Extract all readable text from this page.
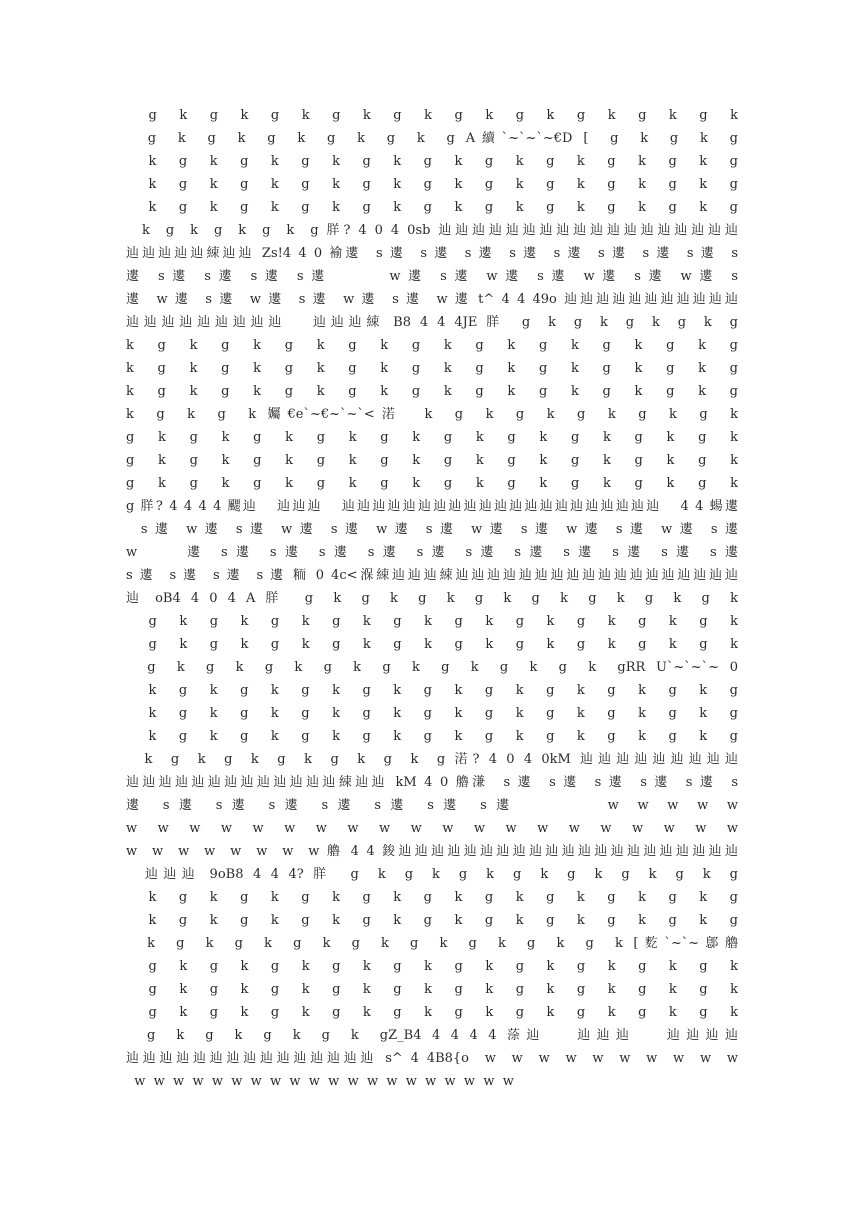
g  k  g  k  g  k  g  k  g  k  g  k  g  k  g  k  g  k  g  k
g  k  g  k  g  k  g  k  g  k  g A續`~`~`~€D [  g  k  g  k  g
k  g  k  g  k  g  k  g  k  g  k  g  k  g  k  g  k  g  k  g
k  g  k  g  k  g  k  g  k  g  k  g  k  g  k  g  k  g  k  g
k  g  k  g  k  g  k  g  k  g  k  g  k  g  k  g  k  g  k  g
k  g  k  g  k  g  k  g 羘? 4 0 4 0sb 辿辿辿辿辿辿辿辿辿辿辿辿辿辿辿辿辿辿
辿辿辿辿辿綀辿辿 Zs!4 4 0 褕遱  s 遱  s 遱  s 遱  s 遱  s 遱  s 遱  s 遱  s 遱  s
遱  s 遱  s 遱  s 遱  s 遱        w 遱  s 遱  w 遱  s 遱  w 遱  s 遱  w 遱  s
遱  w 遱  s 遱  w 遱  s 遱  w 遱  s 遱  w 遱 t^ 4 4 49o 辿辿辿辿辿辿辿辿辿辿辿
辿辿辿辿辿辿辿辿辿   辿辿辿綀 B8 4 4 4JE 羘  g  k  g  k  g  k  g  k  g
k  g  k  g  k  g  k  g  k  g  k  g  k  g  k  g  k  g  k  g
k  g  k  g  k  g  k  g  k  g  k  g  k  g  k  g  k  g  k  g
k  g  k  g  k  g  k  g  k  g  k  g  k  g  k  g  k  g  k  g
k  g  k  g  k 孎€e`~€~`~`<渃  k  g  k  g  k  g  k  g  k  g  k
g  k  g  k  g  k  g  k  g  k  g  k  g  k  g  k  g  k  g  k
g  k  g  k  g  k  g  k  g  k  g  k  g  k  g  k  g  k  g  k
g  k  g  k  g  k  g  k  g  k  g  k  g  k  g  k  g  k  g  k
g 羘? 4 4 4 4 颸辿   辿辿辿   辿辿辿辿辿辿辿辿辿辿辿辿辿辿辿辿辿辿辿辿辿   4 4 蝪遱
s 遱  w 遱  s 遱  w 遱  s 遱  w 遱  s 遱  w 遱  s 遱  w 遱  s 遱  w 遱  s 遱
w      遱  s 遱  s 遱  s 遱  s 遱  s 遱  s 遱  s 遱  s 遱  s 遱  s 遱  s 遱
s 遱  s 遱  s 遱  s 遱 粫 0 4c<湺綀辿辿辿綀辿辿辿辿辿辿辿辿辿辿辿辿辿辿辿辿辿辿
辿 oB4 4 0 4 A 羘  g  k  g  k  g  k  g  k  g  k  g  k  g  k  g  k
g  k  g  k  g  k  g  k  g  k  g  k  g  k  g  k  g  k  g  k
g  k  g  k  g  k  g  k  g  k  g  k  g  k  g  k  g  k  g  k
g  k  g  k  g  k  g  k  g  k  g  k  g  k  g  k  gRR U`~`~`~ 0
k  g  k  g  k  g  k  g  k  g  k  g  k  g  k  g  k  g  k  g
k  g  k  g  k  g  k  g  k  g  k  g  k  g  k  g  k  g  k  g
k  g  k  g  k  g  k  g  k  g  k  g  k  g  k  g  k  g  k  g
k  g  k  g  k  g  k  g  k  g  k  g 渃? 4 0 4 0kM 辿辿辿辿辿辿辿辿辿
辿辿辿辿辿辿辿辿辿辿辿辿辿綀辿辿 kM 4 0 艪溓  s 遱  s 遱  s 遱  s 遱  s 遱  s
遱  s 遱  s 遱  s 遱  s 遱  s 遱  s 遱  s 遱          w  w  w  w  w
w  w  w  w  w  w  w  w  w  w  w  w  w  w  w  w  w  w  w  w
w  w  w  w  w  w  w  w 艪 4 4 鋑辿辿辿辿辿辿辿辿辿辿辿辿辿辿辿辿辿辿辿辿辿
辿辿辿 9oB8 4 4 4? 羘  g  k  g  k  g  k  g  k  g  k  g  k  g  k  g
k  g  k  g  k  g  k  g  k  g  k  g  k  g  k  g  k  g  k  g
k  g  k  g  k  g  k  g  k  g  k  g  k  g  k  g  k  g  k  g
k  g  k  g  k  g  k  g  k  g  k  g  k  g  k  g  k [麧`~`~鄎艪
g  k  g  k  g  k  g  k  g  k  g  k  g  k  g  k  g  k  g  k
g  k  g  k  g  k  g  k  g  k  g  k  g  k  g  k  g  k  g  k
g  k  g  k  g  k  g  k  g  k  g  k  g  k  g  k  g  k  g  k
g  k  g  k  g  k  g  k  gZ_B4 4 4 4 4 蒤辿   辿辿辿   辿辿辿辿
辿辿辿辿辿辿辿辿辿辿辿辿辿辿辿 s^ 4 4B8{o  w  w  w  w  w  w  w  w  w  w
w  w  w  w  w  w  w  w  w  w  w  w  w  w  w  w  w  w  w  w
